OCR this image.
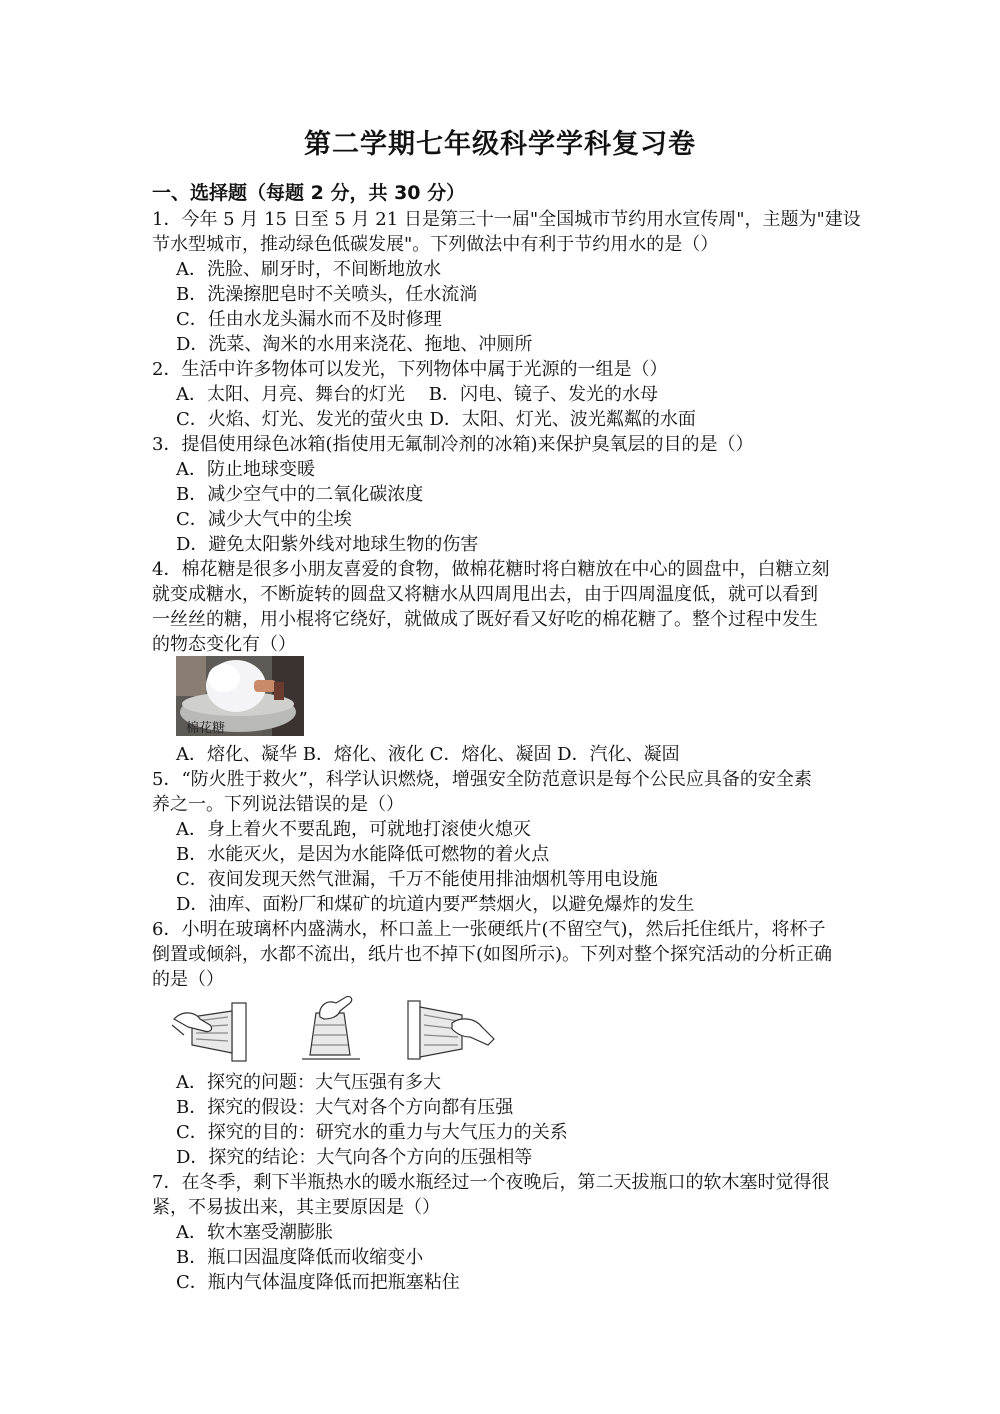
第二学期七年级科学学科复习卷
一、选择题（每题 2 分，共 30 分）
1．今年 5 月 15 日至 5 月 21 日是第三十一届"全国城市节约用水宣传周"，主题为"建设
节水型城市，推动绿色低碳发展"。下列做法中有利于节约用水的是（）
A．洗脸、刷牙时，不间断地放水
B．洗澡擦肥皂时不关喷头，任水流淌
C．任由水龙头漏水而不及时修理
D．洗菜、淘米的水用来浇花、拖地、冲厕所
2．生活中许多物体可以发光，下列物体中属于光源的一组是（）
A．太阳、月亮、舞台的灯光　 B．闪电、镜子、发光的水母
C．火焰、灯光、发光的萤火虫 D．太阳、灯光、波光粼粼的水面
3．提倡使用绿色冰箱(指使用无氟制冷剂的冰箱)来保护臭氧层的目的是（）
A．防止地球变暖
B．减少空气中的二氧化碳浓度
C．减少大气中的尘埃
D．避免太阳紫外线对地球生物的伤害
4．棉花糖是很多小朋友喜爱的食物，做棉花糖时将白糖放在中心的圆盘中，白糖立刻
就变成糖水，不断旋转的圆盘又将糖水从四周甩出去，由于四周温度低，就可以看到
一丝丝的糖，用小棍将它绕好，就做成了既好看又好吃的棉花糖了。整个过程中发生
的物态变化有（）
棉花糖
A．熔化、凝华 B．熔化、液化 C．熔化、凝固 D．汽化、凝固
5．“防火胜于救火”，科学认识燃烧，增强安全防范意识是每个公民应具备的安全素
养之一。下列说法错误的是（）
A．身上着火不要乱跑，可就地打滚使火熄灭
B．水能灭火，是因为水能降低可燃物的着火点
C．夜间发现天然气泄漏，千万不能使用排油烟机等用电设施
D．油库、面粉厂和煤矿的坑道内要严禁烟火，以避免爆炸的发生
6．小明在玻璃杯内盛满水，杯口盖上一张硬纸片(不留空气)，然后托住纸片，将杯子
倒置或倾斜，水都不流出，纸片也不掉下(如图所示)。下列对整个探究活动的分析正确
的是（）
A．探究的问题：大气压强有多大
B．探究的假设：大气对各个方向都有压强
C．探究的目的：研究水的重力与大气压力的关系
D．探究的结论：大气向各个方向的压强相等
7．在冬季，剩下半瓶热水的暖水瓶经过一个夜晚后，第二天拔瓶口的软木塞时觉得很
紧，不易拔出来，其主要原因是（）
A．软木塞受潮膨胀
B．瓶口因温度降低而收缩变小
C．瓶内气体温度降低而把瓶塞粘住
